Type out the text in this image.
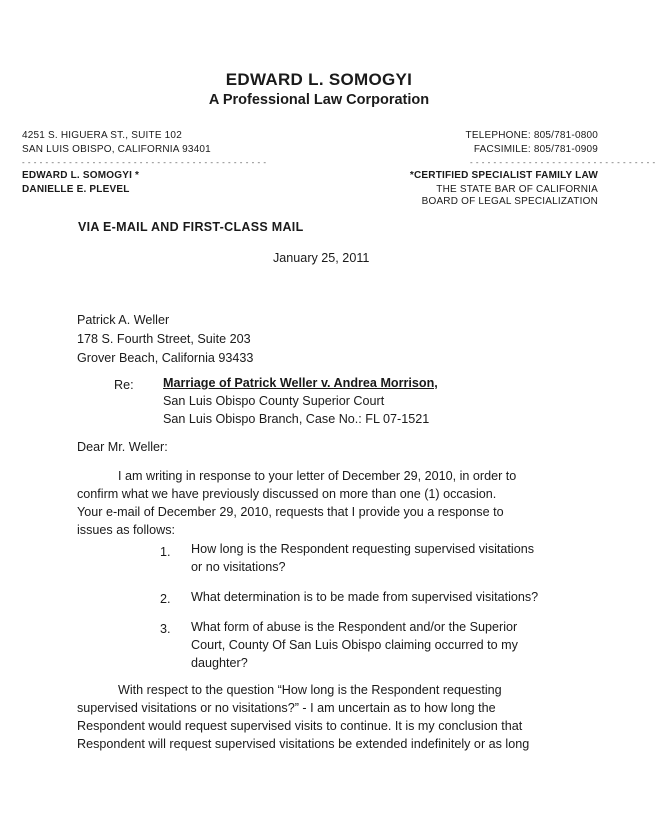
EDWARD L. SOMOGYI
A Professional Law Corporation
4251 S. HIGUERA ST., SUITE 102
SAN LUIS OBISPO, CALIFORNIA 93401
- - - - - - - - - - - - - - - - - - - - - - - - - - - - - - - - - - - - - - - - - -
EDWARD L. SOMOGYI *
DANIELLE E. PLEVEL
TELEPHONE: 805/781-0800
FACSIMILE: 805/781-0909
- - - - - - - - - - - - - - - - - - - - - - - - - - - - - - - -
*CERTIFIED SPECIALIST FAMILY LAW
THE STATE BAR OF CALIFORNIA
BOARD OF LEGAL SPECIALIZATION
VIA E-MAIL AND FIRST-CLASS MAIL
January 25, 2011
Patrick A. Weller
178 S. Fourth Street, Suite 203
Grover Beach, California 93433
Re: Marriage of Patrick Weller v. Andrea Morrison,
San Luis Obispo County Superior Court
San Luis Obispo Branch, Case No.: FL 07-1521
Dear Mr. Weller:
I am writing in response to your letter of December 29, 2010, in order to
confirm what we have previously discussed on more than one (1) occasion.
Your e-mail of December 29, 2010, requests that I provide you a response to
issues as follows:
1. How long is the Respondent requesting supervised visitations
or no visitations?
2. What determination is to be made from supervised visitations?
3. What form of abuse is the Respondent and/or the Superior
Court, County Of San Luis Obispo claiming occurred to my
daughter?
With respect to the question “How long is the Respondent requesting
supervised visitations or no visitations?” - I am uncertain as to how long the
Respondent would request supervised visits to continue. It is my conclusion that
Respondent will request supervised visitations be extended indefinitely or as long
